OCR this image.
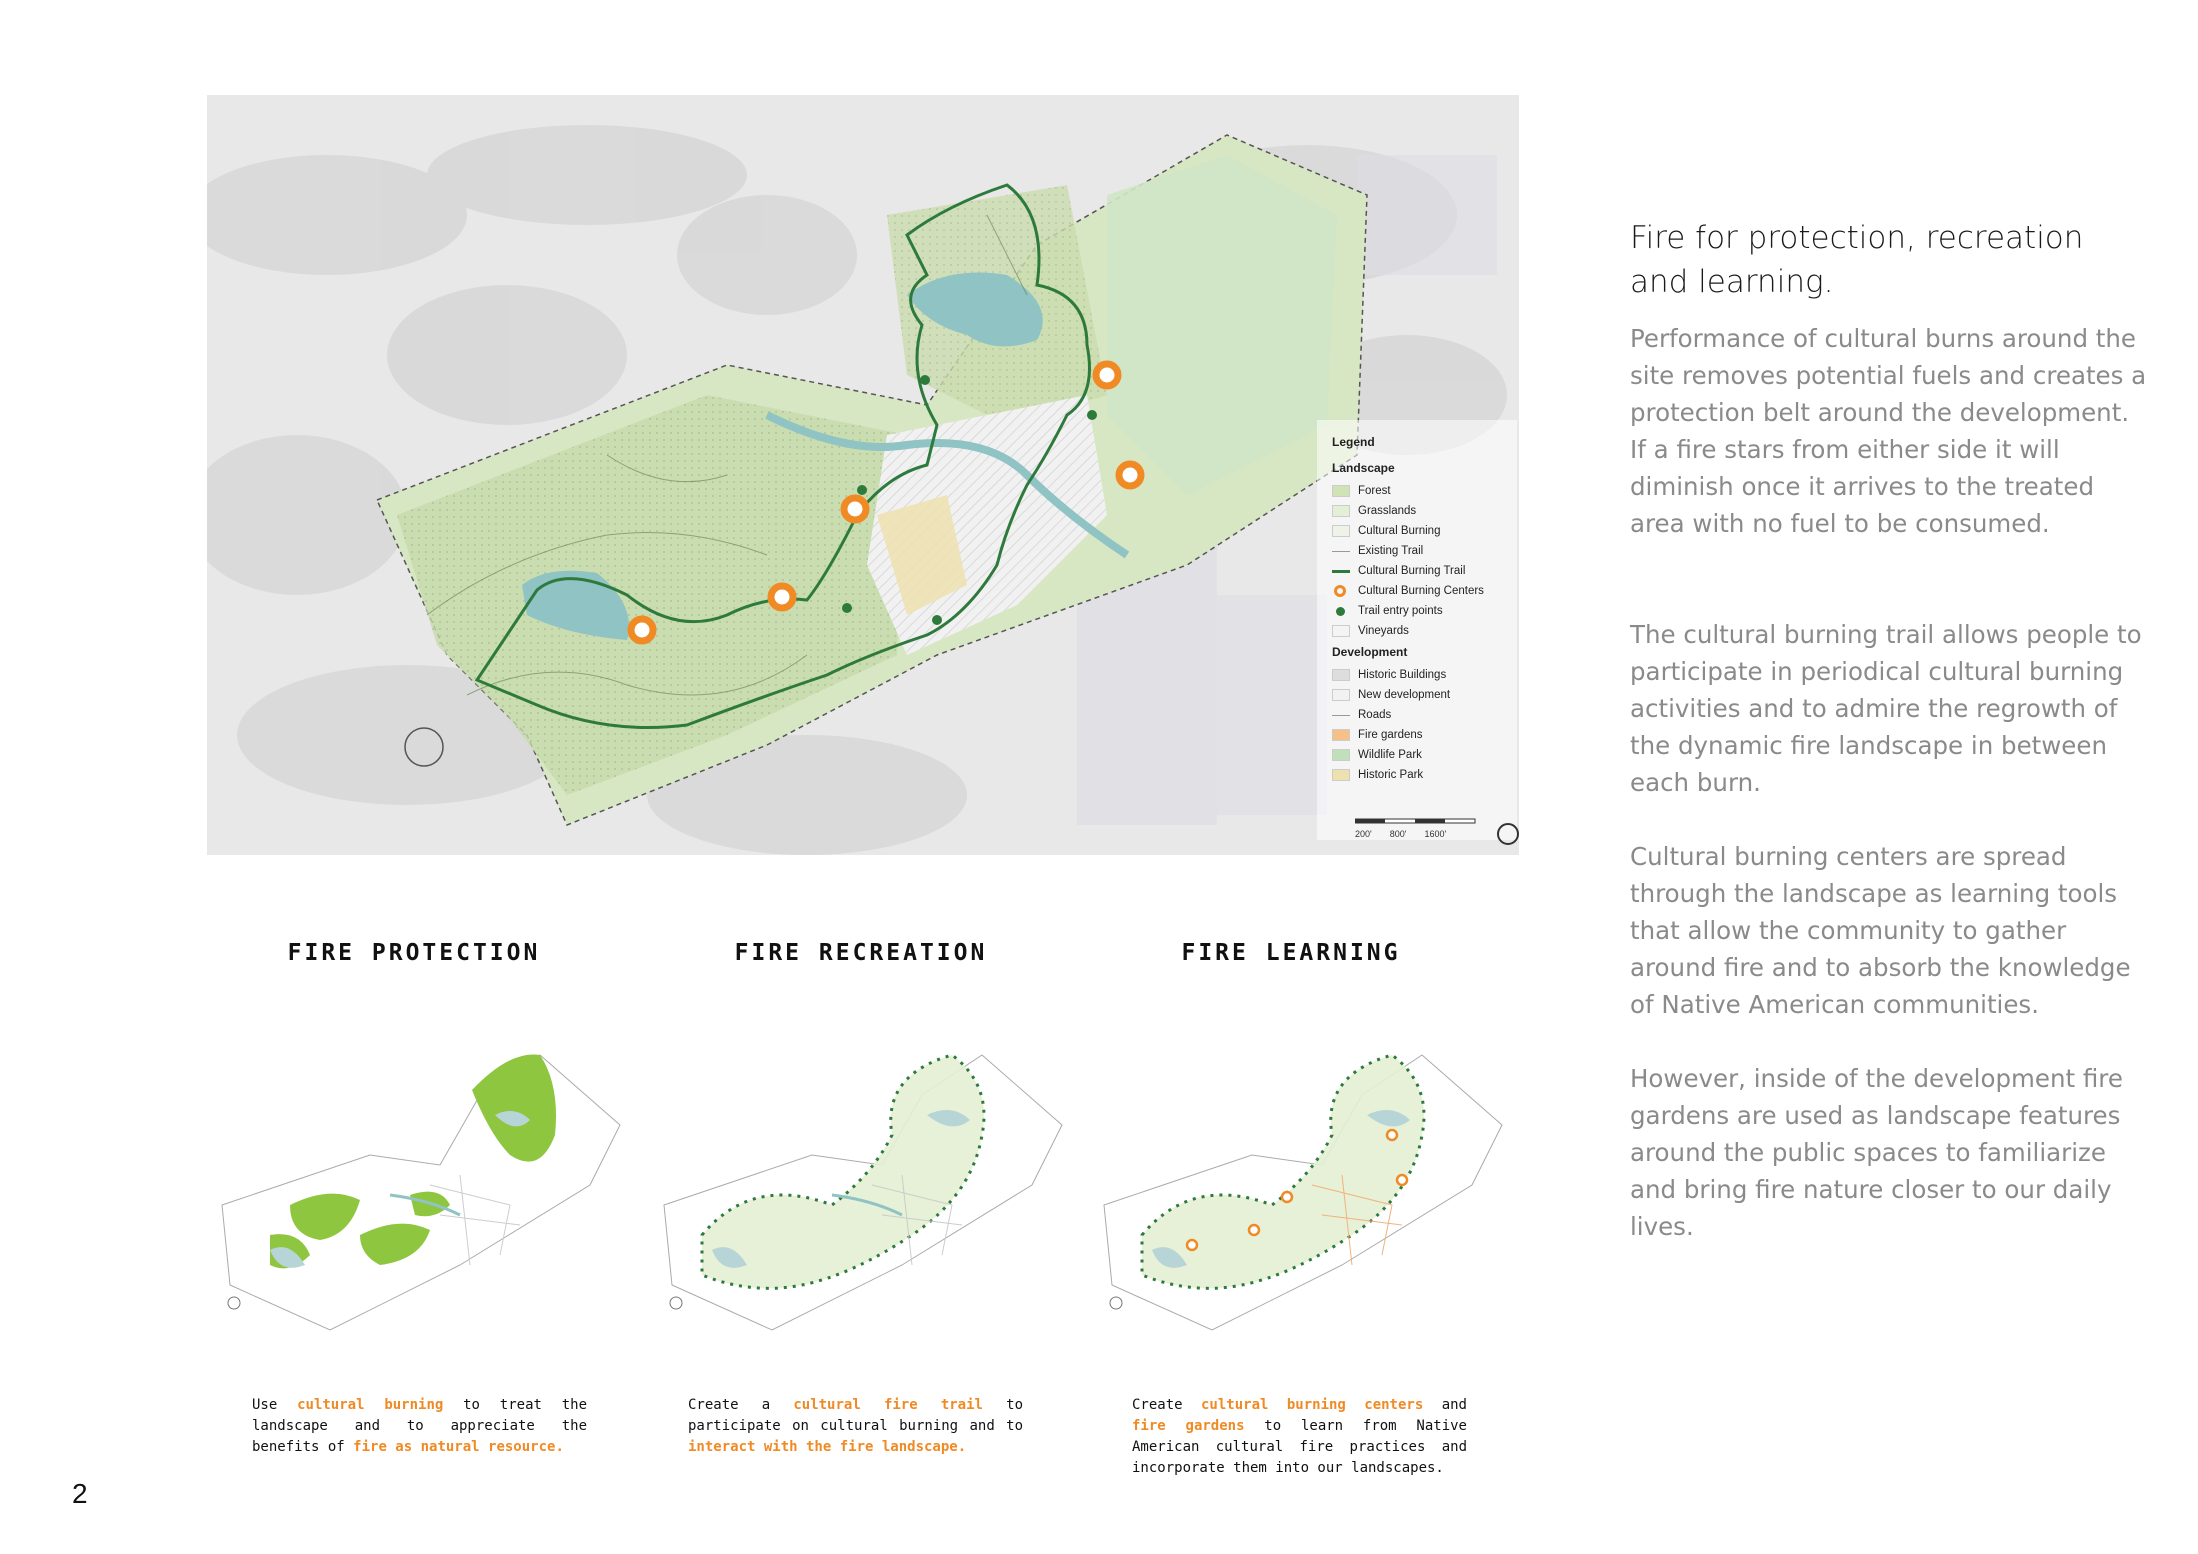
Legend
Landscape
Forest
Grasslands
Cultural Burning
Existing Trail
Cultural Burning Trail
Cultural Burning Centers
Trail entry points
Vineyards
Development
Historic Buildings
New development
Roads
Fire gardens
Wildlife Park
Historic Park
200' 800' 1600'
Fire for protection, recreation and learning.
Performance of cultural burns around the site removes potential fuels and creates a protection belt around the development. If a fire stars from either side it will diminish once it arrives to the treated area with no fuel to be consumed.
The cultural burning trail allows people to participate in periodical cultural burning activities and to admire the regrowth of the dynamic fire landscape in between each burn.
Cultural burning centers are spread through the landscape as learning tools that allow the community to gather around fire and to absorb the knowledge of Native American communities.
However, inside of the development fire gardens are used as landscape features around the public spaces to familiarize and bring fire nature closer to our daily lives.
FIRE PROTECTION	FIRE RECREATION	FIRE LEARNING
Use cultural burning to treat the landscape and to appreciate the benefits of fire as natural resource.
Create a cultural fire trail to participate on cultural burning and to interact with the fire landscape.
Create cultural burning centers and fire gardens to learn from Native American cultural fire practices and incorporate them into our landscapes.
2
